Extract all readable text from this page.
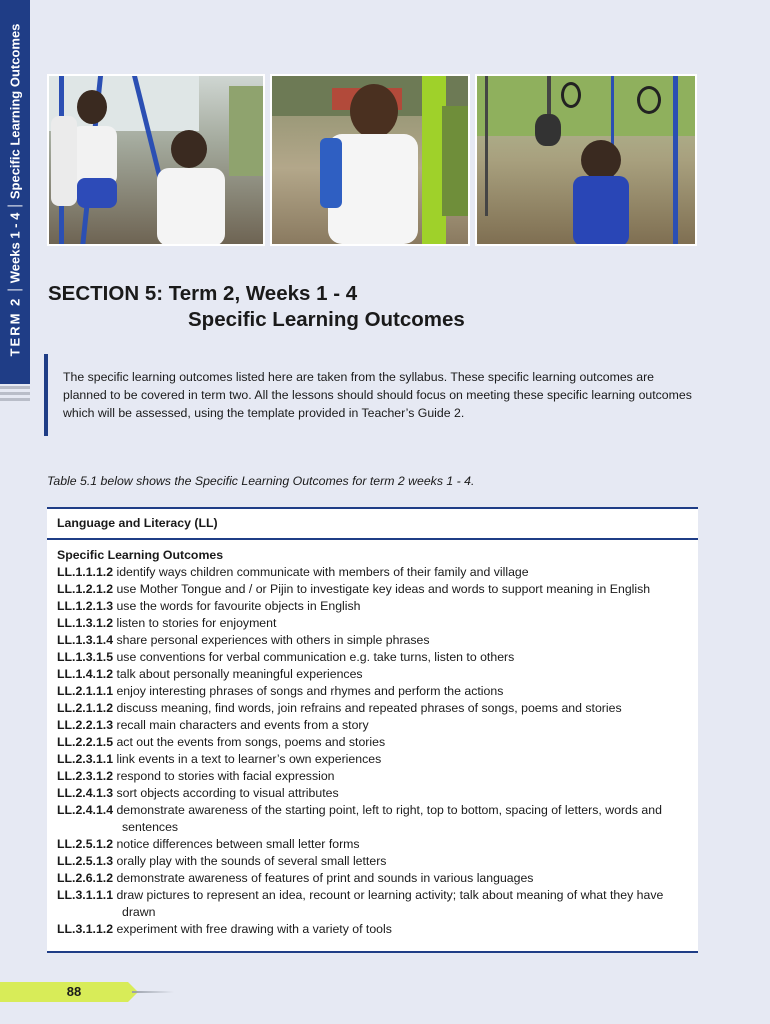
TERM 2
Weeks 1 - 4
Specific Learning Outcomes
SECTION 5: Term 2, Weeks 1 - 4
Specific Learning Outcomes

The specific learning outcomes listed here are taken from the syllabus. These specific learning outcomes are planned to be covered in term two. All the lessons should should focus on meeting these specific learning outcomes which will be assessed, using the template provided in Teacher’s Guide 2.

Table 5.1 below shows the Specific Learning Outcomes for term 2 weeks 1 - 4.

Language and Literacy (LL)

Specific Learning Outcomes

LL.1.1.1.2 identify ways children communicate with members of their family and village
LL.1.2.1.2 use Mother Tongue and / or Pijin to investigate key ideas and words to support meaning in English
LL.1.2.1.3 use the words for favourite objects in English
LL.1.3.1.2 listen to stories for enjoyment
LL.1.3.1.4 share personal experiences with others in simple phrases
LL.1.3.1.5 use conventions for verbal communication e.g. take turns, listen to others
LL.1.4.1.2 talk about personally meaningful experiences
LL.2.1.1.1 enjoy interesting phrases of songs and rhymes and perform the actions
LL.2.1.1.2 discuss meaning, find words, join refrains and repeated phrases of songs, poems and stories
LL.2.2.1.3 recall main characters and events from a story
LL.2.2.1.5 act out the events from songs, poems and stories
LL.2.3.1.1 link events in a text to learner’s own experiences
LL.2.3.1.2 respond to stories with facial expression
LL.2.4.1.3 sort objects according to visual attributes
LL.2.4.1.4 demonstrate awareness of the starting point, left to right, top to bottom, spacing of letters, words and sentences
LL.2.5.1.2 notice differences between small letter forms
LL.2.5.1.3 orally play with the sounds of several small letters
LL.2.6.1.2 demonstrate awareness of features of print and sounds in various languages
LL.3.1.1.1 draw pictures to represent an idea, recount or learning activity; talk about meaning of what they have drawn
LL.3.1.1.2 experiment with free drawing with a variety of tools
88
